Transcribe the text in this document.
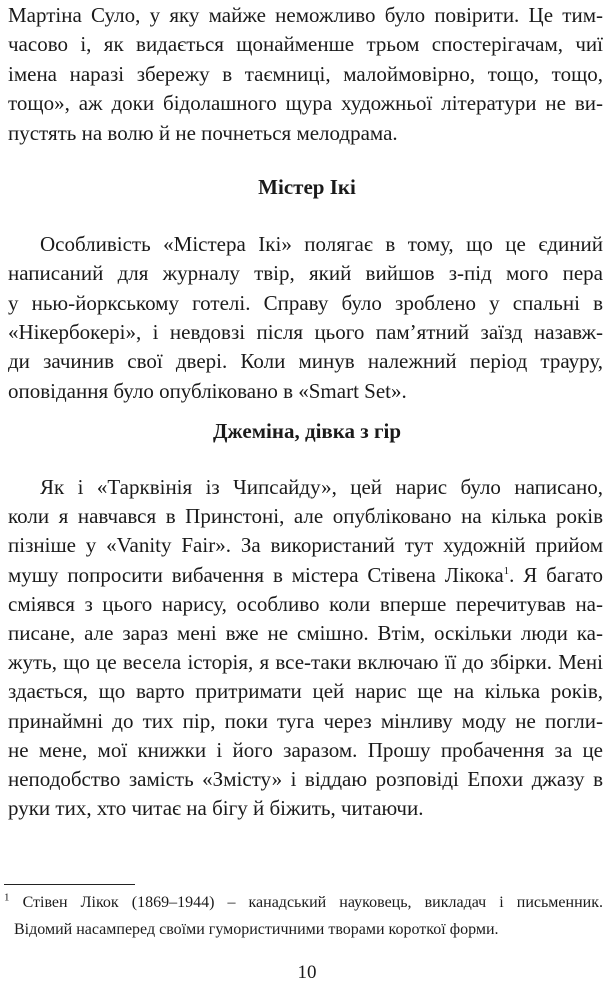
Мартіна Суло, у яку майже неможливо було повірити. Це тим-
часово і, як видається щонайменше трьом спостерігачам, чиї
імена наразі збережу в таємниці, малоймовірно, тощо, тощо,
тощо», аж доки бідолашного щура художньої літератури не ви-
пустять на волю й не почнеться мелодрама.
Містер Ікі
Особливість «Містера Ікі» полягає в тому, що це єдиний
написаний для журналу твір, який вийшов з-під мого пера
у нью-йоркському готелі. Справу було зроблено у спальні в
«Нікербокері», і невдовзі після цього пам’ятний заїзд назавж-
ди зачинив свої двері. Коли минув належний період трауру,
оповідання було опубліковано в «Smart Set».
Джеміна, дівка з гір
Як і «Тарквінія із Чипсайду», цей нарис було написано,
коли я навчався в Принстоні, але опубліковано на кілька років
пізніше у «Vanity Fair». За використаний тут художній прийом
мушу попросити вибачення в містера Стівена Лікока$^1$. Я багато
сміявся з цього нарису, особливо коли вперше перечитував на-
писане, але зараз мені вже не смішно. Втім, оскільки люди ка-
жуть, що це весела історія, я все-таки включаю її до збірки. Мені
здається, що варто притримати цей нарис ще на кілька років,
принаймні до тих пір, поки туга через мінливу моду не погли-
не мене, мої книжки і його заразом. Прошу пробачення за це
неподобство замість «Змісту» і віддаю розповіді Епохи джазу в
руки тих, хто читає на бігу й біжить, читаючи.
$^1$ Стівен Лікок (1869–1944) – канадський науковець, викладач і письменник.
Відомий насамперед своїми гумористичними творами короткої форми.
10
